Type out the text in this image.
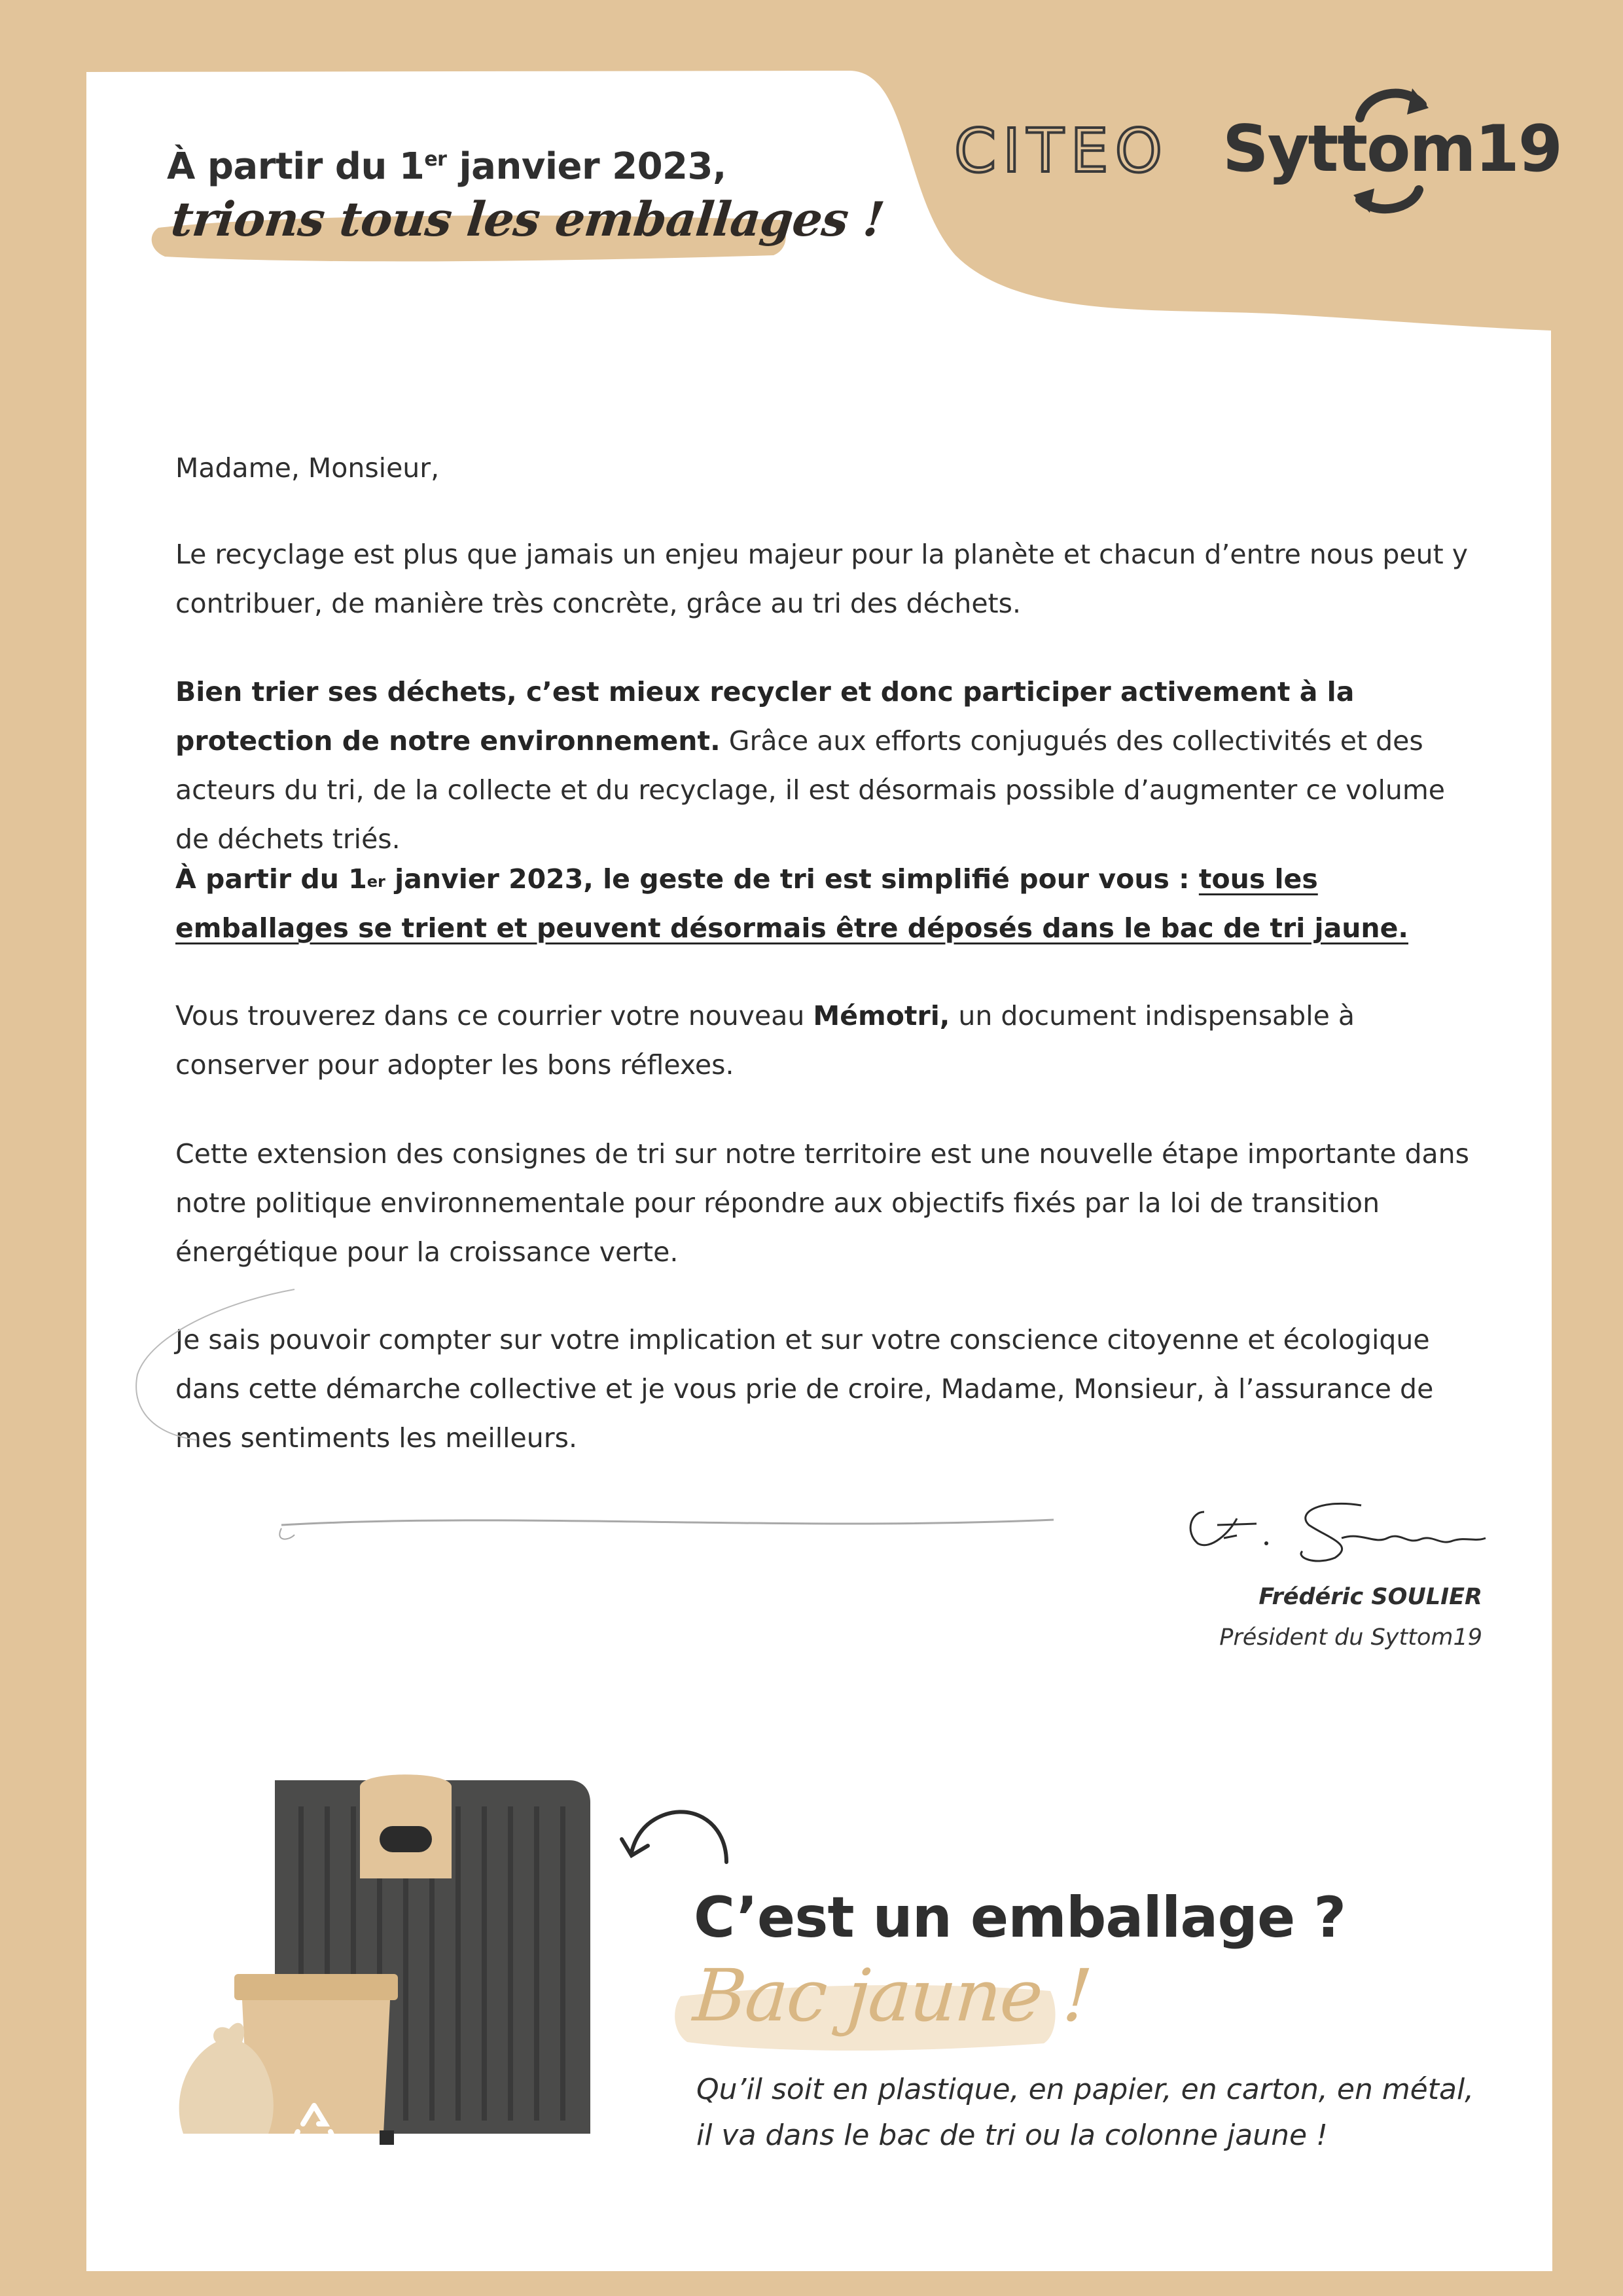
À partir du 1er janvier 2023,
trions tous les emballages !
CITEO Syttom19
Madame, Monsieur,
Le recyclage est plus que jamais un enjeu majeur pour la planète et chacun d’entre nous peut y contribuer, de manière très concrète, grâce au tri des déchets.
Bien trier ses déchets, c’est mieux recycler et donc participer activement à la protection de notre environnement. Grâce aux efforts conjugués des collectivités et des acteurs du tri, de la collecte et du recyclage, il est désormais possible d’augmenter ce volume de déchets triés.
À partir du 1er janvier 2023, le geste de tri est simplifié pour vous : tous les emballages se trient et peuvent désormais être déposés dans le bac de tri jaune.
Vous trouverez dans ce courrier votre nouveau Mémotri, un document indispensable à conserver pour adopter les bons réflexes.
Cette extension des consignes de tri sur notre territoire est une nouvelle étape importante dans notre politique environnementale pour répondre aux objectifs fixés par la loi de transition énergétique pour la croissance verte.
Je sais pouvoir compter sur votre implication et sur votre conscience citoyenne et écologique dans cette démarche collective et je vous prie de croire, Madame, Monsieur, à l’assurance de mes sentiments les meilleurs.
Frédéric SOULIER
Président du Syttom19
C’est un emballage ?
Bac jaune !
Qu’il soit en plastique, en papier, en carton, en métal, il va dans le bac de tri ou la colonne jaune !
